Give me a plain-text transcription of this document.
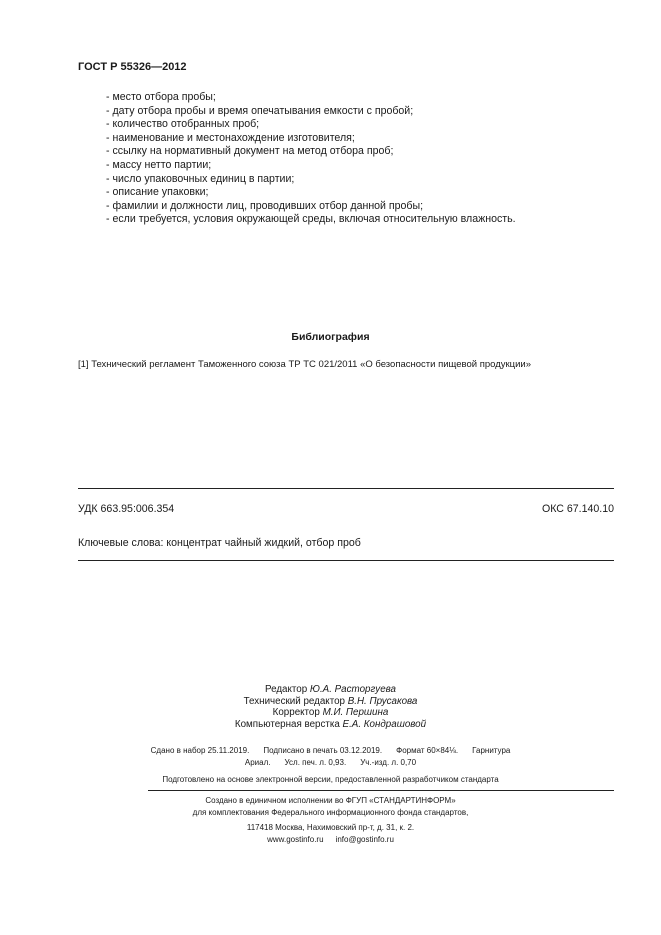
ГОСТ Р 55326—2012
- место отбора пробы;
- дату отбора пробы и время опечатывания емкости с пробой;
- количество отобранных проб;
- наименование и местонахождение изготовителя;
- ссылку на нормативный документ на метод отбора проб;
- массу нетто партии;
- число упаковочных единиц в партии;
- описание упаковки;
- фамилии и должности лиц, проводивших отбор данной пробы;
- если требуется, условия окружающей среды, включая относительную влажность.
Библиография
[1] Технический регламент Таможенного союза ТР ТС 021/2011 «О безопасности пищевой продукции»
УДК 663.95:006.354	ОКС 67.140.10
Ключевые слова: концентрат чайный жидкий, отбор проб
Редактор Ю.А. Расторгуева
Технический редактор В.Н. Прусакова
Корректор М.И. Першина
Компьютерная верстка Е.А. Кондрашовой
Сдано в набор 25.11.2019. Подписано в печать 03.12.2019. Формат 60×84⅛. Гарнитура
Ариал. Усл. печ. л. 0,93. Уч.-изд. л. 0,70
Подготовлено на основе электронной версии, предоставленной разработчиком стандарта
Создано в единичном исполнении во ФГУП «СТАНДАРТИНФОРМ»
для комплектования Федерального информационного фонда стандартов,
117418 Москва, Нахимовский пр-т, д. 31, к. 2.
www.gostinfo.ru info@gostinfo.ru
